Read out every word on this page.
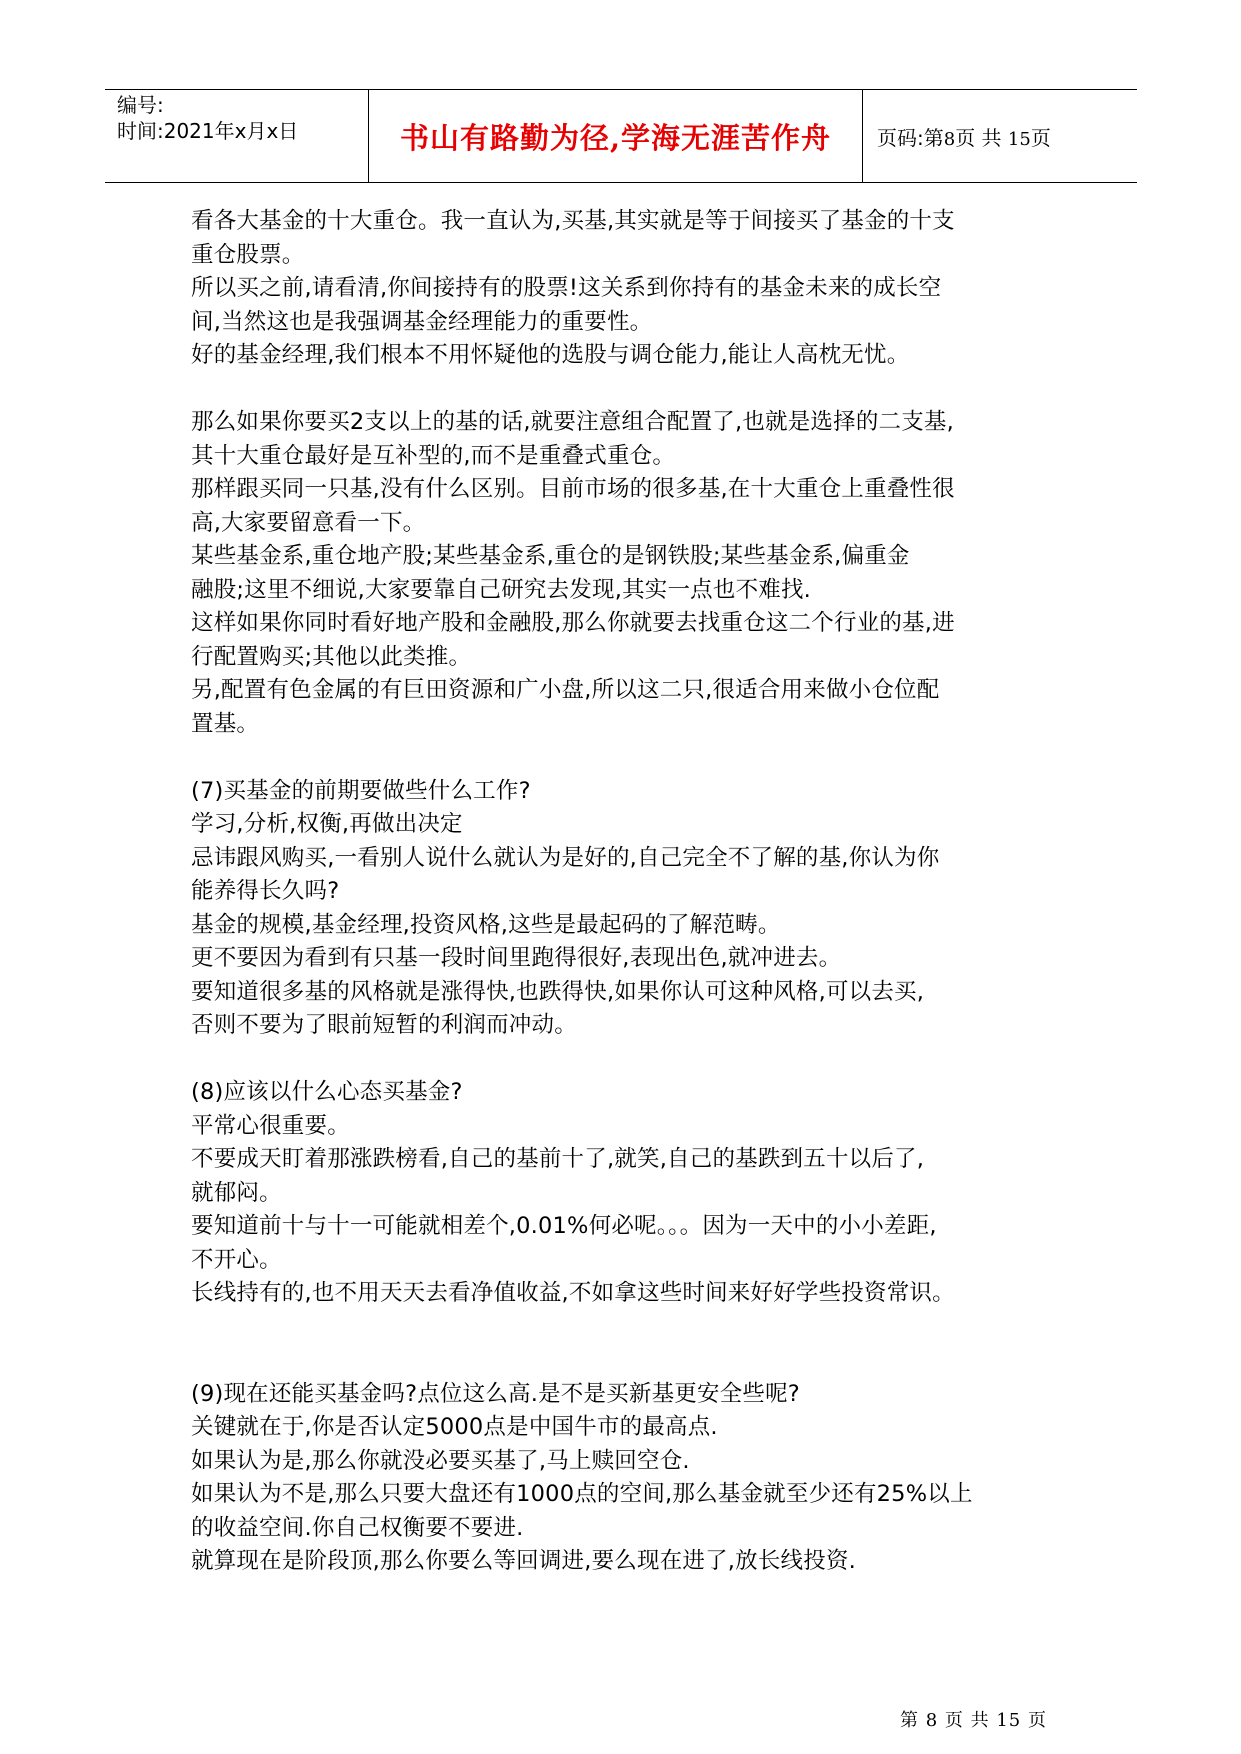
编号:
时间:2021年x月x日	书山有路勤为径,学海无涯苦作舟	页码:第8页 共 15页

看各大基金的十大重仓。我一直认为,买基,其实就是等于间接买了基金的十支

重仓股票。

所以买之前,请看清,你间接持有的股票!这关系到你持有的基金未来的成长空

间,当然这也是我强调基金经理能力的重要性。

好的基金经理,我们根本不用怀疑他的选股与调仓能力,能让人高枕无忧。

那么如果你要买2支以上的基的话,就要注意组合配置了,也就是选择的二支基,

其十大重仓最好是互补型的,而不是重叠式重仓。

那样跟买同一只基,没有什么区别。目前市场的很多基,在十大重仓上重叠性很

高,大家要留意看一下。

某些基金系,重仓地产股;某些基金系,重仓的是钢铁股;某些基金系,偏重金

融股;这里不细说,大家要靠自己研究去发现,其实一点也不难找.

这样如果你同时看好地产股和金融股,那么你就要去找重仓这二个行业的基,进

行配置购买;其他以此类推。

另,配置有色金属的有巨田资源和广小盘,所以这二只,很适合用来做小仓位配

置基。

(7)买基金的前期要做些什么工作?

学习,分析,权衡,再做出决定

忌讳跟风购买,一看别人说什么就认为是好的,自己完全不了解的基,你认为你

能养得长久吗?

基金的规模,基金经理,投资风格,这些是最起码的了解范畴。

更不要因为看到有只基一段时间里跑得很好,表现出色,就冲进去。

要知道很多基的风格就是涨得快,也跌得快,如果你认可这种风格,可以去买,

否则不要为了眼前短暂的利润而冲动。

(8)应该以什么心态买基金?

平常心很重要。

不要成天盯着那涨跌榜看,自己的基前十了,就笑,自己的基跌到五十以后了,

就郁闷。

要知道前十与十一可能就相差个,0.01%何必呢。。。因为一天中的小小差距,

不开心。

长线持有的,也不用天天去看净值收益,不如拿这些时间来好好学些投资常识。

(9)现在还能买基金吗?点位这么高.是不是买新基更安全些呢?

关键就在于,你是否认定5000点是中国牛市的最高点.

如果认为是,那么你就没必要买基了,马上赎回空仓.

如果认为不是,那么只要大盘还有1000点的空间,那么基金就至少还有25%以上

的收益空间.你自己权衡要不要进.

就算现在是阶段顶,那么你要么等回调进,要么现在进了,放长线投资.

第 8 页 共 15 页
